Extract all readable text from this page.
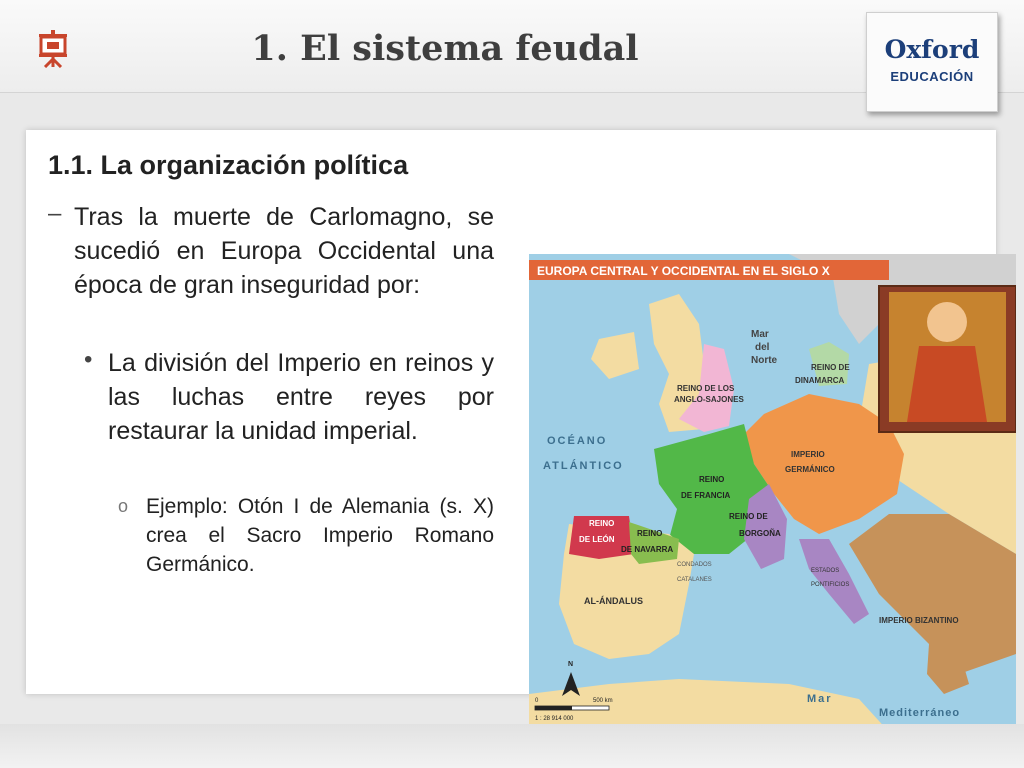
1. El sistema feudal	Oxford
EDUCACIÓN
1.1. La organización política
– Tras la muerte de Carlomagno, se sucedió en Europa Occidental una época de gran inseguridad por:
• La división del Imperio en reinos y las luchas entre reyes por restaurar la unidad imperial.
o Ejemplo: Otón I de Alemania (s. X) crea el Sacro Imperio Romano Germánico.
EUROPA CENTRAL Y OCCIDENTAL EN EL SIGLO X
Mar
del
Norte
OCÉANO
ATLÁNTICO
REINO DE LOS
ANGLO-SAJONES
REINO DE
DINAMARCA
REINO
DE FRANCIA
IMPERIO
GERMÁNICO
REINO DE
BORGOÑA
REINO
DE LEÓN
REINO
DE NAVARRA
CONDADOS
CATALANES
AL-ÁNDALUS
ESTADOS
PONTIFICIOS
IMPERIO BIZANTINO
Mar
Mediterráneo
N
0	500 km
1 : 28 914 000
